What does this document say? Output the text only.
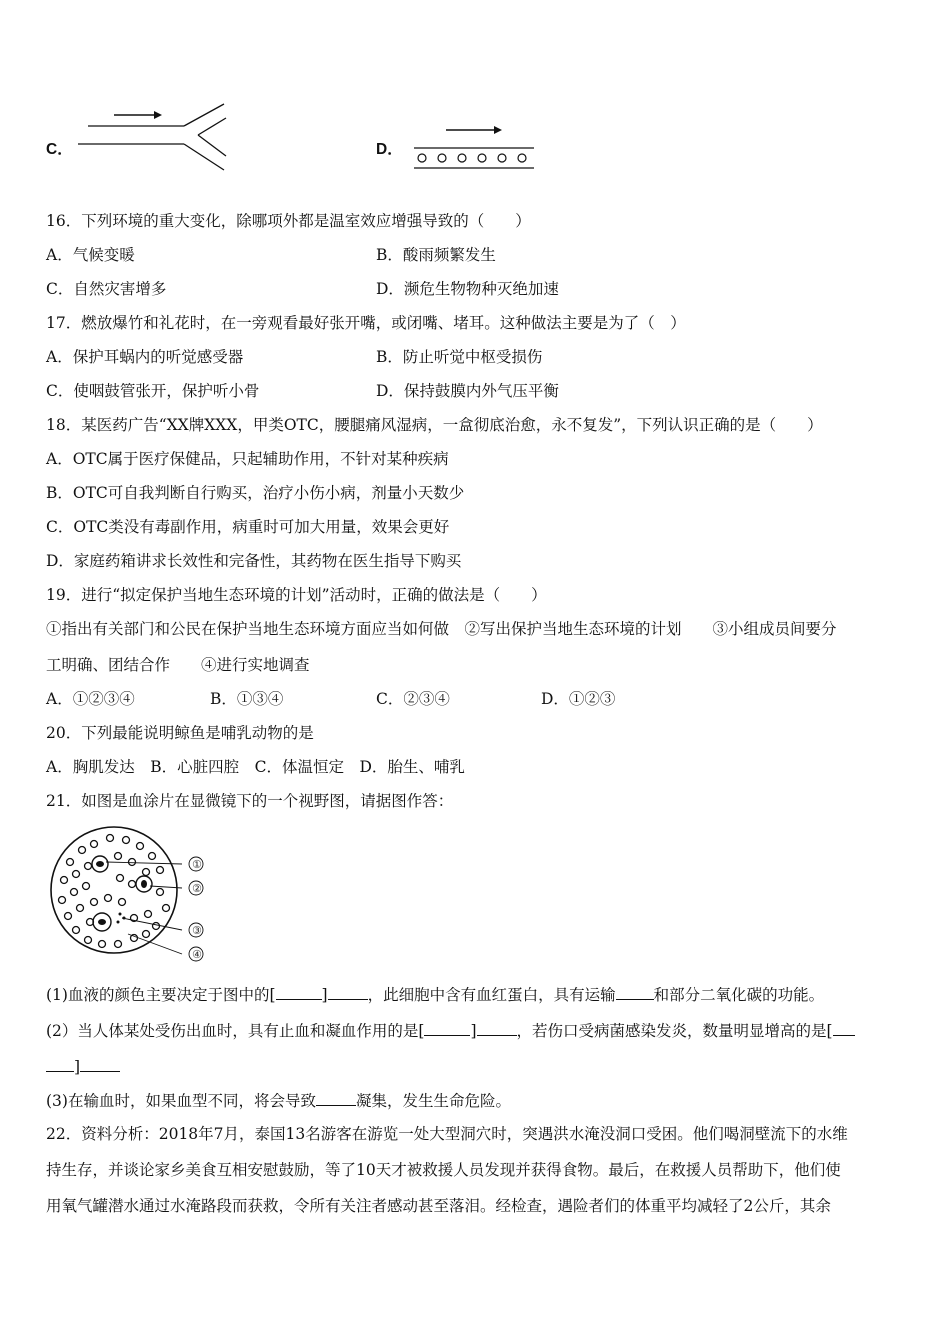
C．	D．
16．下列环境的重大变化，除哪项外都是温室效应增强导致的（　　）
A．气候变暖	B．酸雨频繁发生
C．自然灾害增多	D．濒危生物物种灭绝加速
17．燃放爆竹和礼花时，在一旁观看最好张开嘴，或闭嘴、堵耳。这种做法主要是为了（　）
A．保护耳蜗内的听觉感受器	B．防止听觉中枢受损伤
C．使咽鼓管张开，保护听小骨	D．保持鼓膜内外气压平衡
18．某医药广告“XX牌XXX，甲类OTC，腰腿痛风湿病，一盒彻底治愈，永不复发”，下列认识正确的是（　　）
A．OTC属于医疗保健品，只起辅助作用，不针对某种疾病
B．OTC可自我判断自行购买，治疗小伤小病，剂量小天数少
C．OTC类没有毒副作用，病重时可加大用量，效果会更好
D．家庭药箱讲求长效性和完备性，其药物在医生指导下购买
19．进行“拟定保护当地生态环境的计划”活动时，正确的做法是（　　）
①指出有关部门和公民在保护当地生态环境方面应当如何做　②写出保护当地生态环境的计划　　③小组成员间要分
工明确、团结合作　　④进行实地调查
A．①②③④	B．①③④	C．②③④	D．①②③
20．下列最能说明鲸鱼是哺乳动物的是
A．胸肌发达　B．心脏四腔　C．体温恒定　D．胎生、哺乳
21．如图是血涂片在显微镜下的一个视野图，请据图作答：
①
②
③
④
(1)血液的颜色主要决定于图中的[	]	，此细胞中含有血红蛋白，具有运输 和部分二氧化碳的功能。
(2）当人体某处受伤出血时，具有止血和凝血作用的是[	]	，若伤口受病菌感染发炎，数量明显增高的是[
]
(3)在输血时，如果血型不同，将会导致	凝集，发生生命危险。
22．资料分析：2018年7月，泰国13名游客在游览一处大型洞穴时，突遇洪水淹没洞口受困。他们喝洞壁流下的水维
持生存，并谈论家乡美食互相安慰鼓励，等了10天才被救援人员发现并获得食物。最后，在救援人员帮助下，他们使
用氧气罐潜水通过水淹路段而获救，令所有关注者感动甚至落泪。经检查，遇险者们的体重平均减轻了2公斤，其余
